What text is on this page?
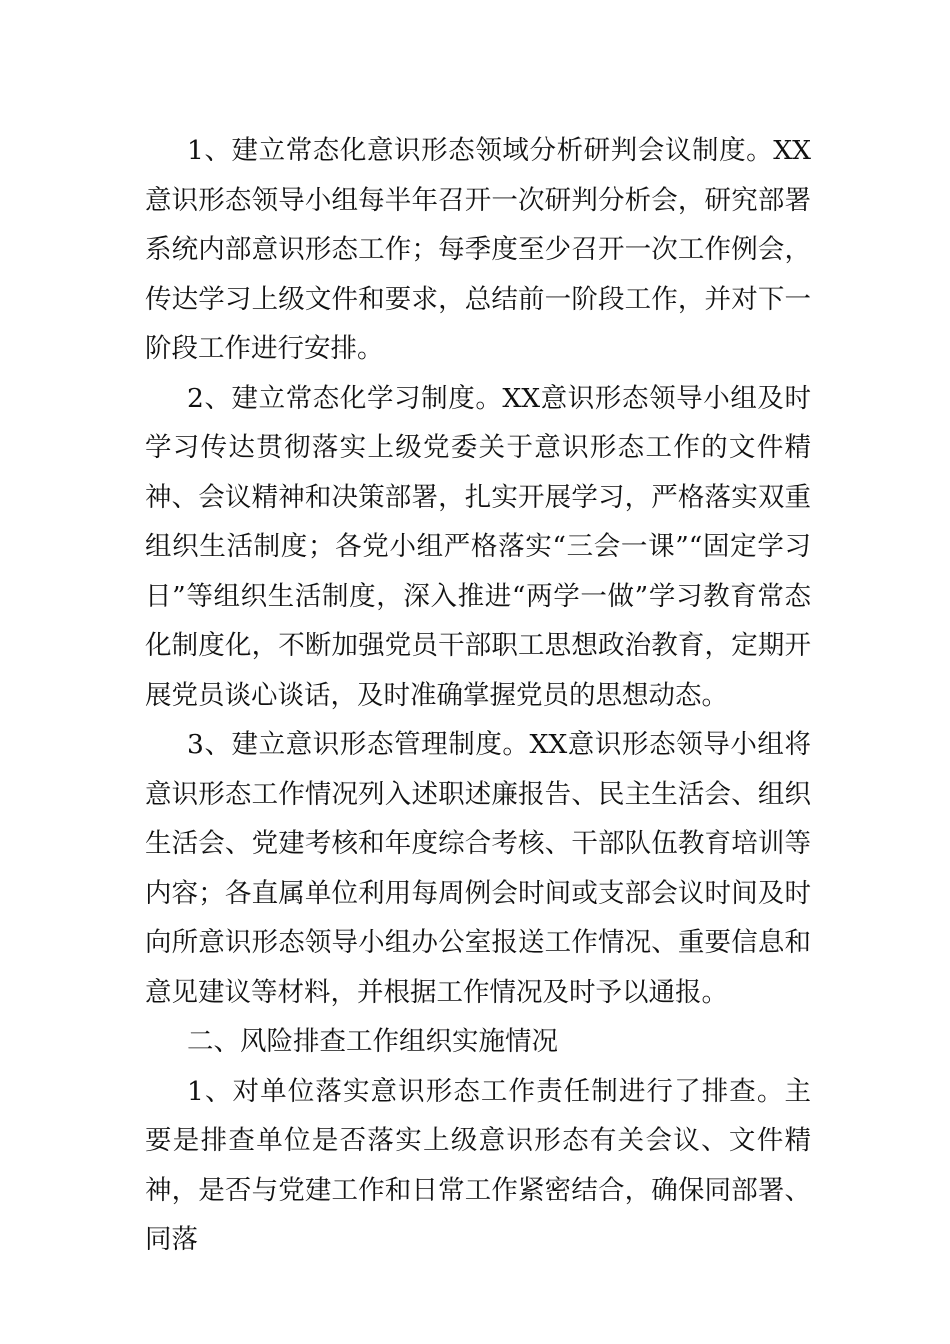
1、建立常态化意识形态领域分析研判会议制度。XX意识形态领导小组每半年召开一次研判分析会，研究部署系统内部意识形态工作；每季度至少召开一次工作例会，传达学习上级文件和要求，总结前一阶段工作，并对下一阶段工作进行安排。

2、建立常态化学习制度。XX意识形态领导小组及时学习传达贯彻落实上级党委关于意识形态工作的文件精神、会议精神和决策部署，扎实开展学习，严格落实双重组织生活制度；各党小组严格落实“三会一课”“固定学习日”等组织生活制度，深入推进“两学一做”学习教育常态化制度化，不断加强党员干部职工思想政治教育，定期开展党员谈心谈话，及时准确掌握党员的思想动态。

3、建立意识形态管理制度。XX意识形态领导小组将意识形态工作情况列入述职述廉报告、民主生活会、组织生活会、党建考核和年度综合考核、干部队伍教育培训等内容；各直属单位利用每周例会时间或支部会议时间及时向所意识形态领导小组办公室报送工作情况、重要信息和意见建议等材料，并根据工作情况及时予以通报。

二、风险排查工作组织实施情况

1、对单位落实意识形态工作责任制进行了排查。主要是排查单位是否落实上级意识形态有关会议、文件精神，是否与党建工作和日常工作紧密结合，确保同部署、同落
